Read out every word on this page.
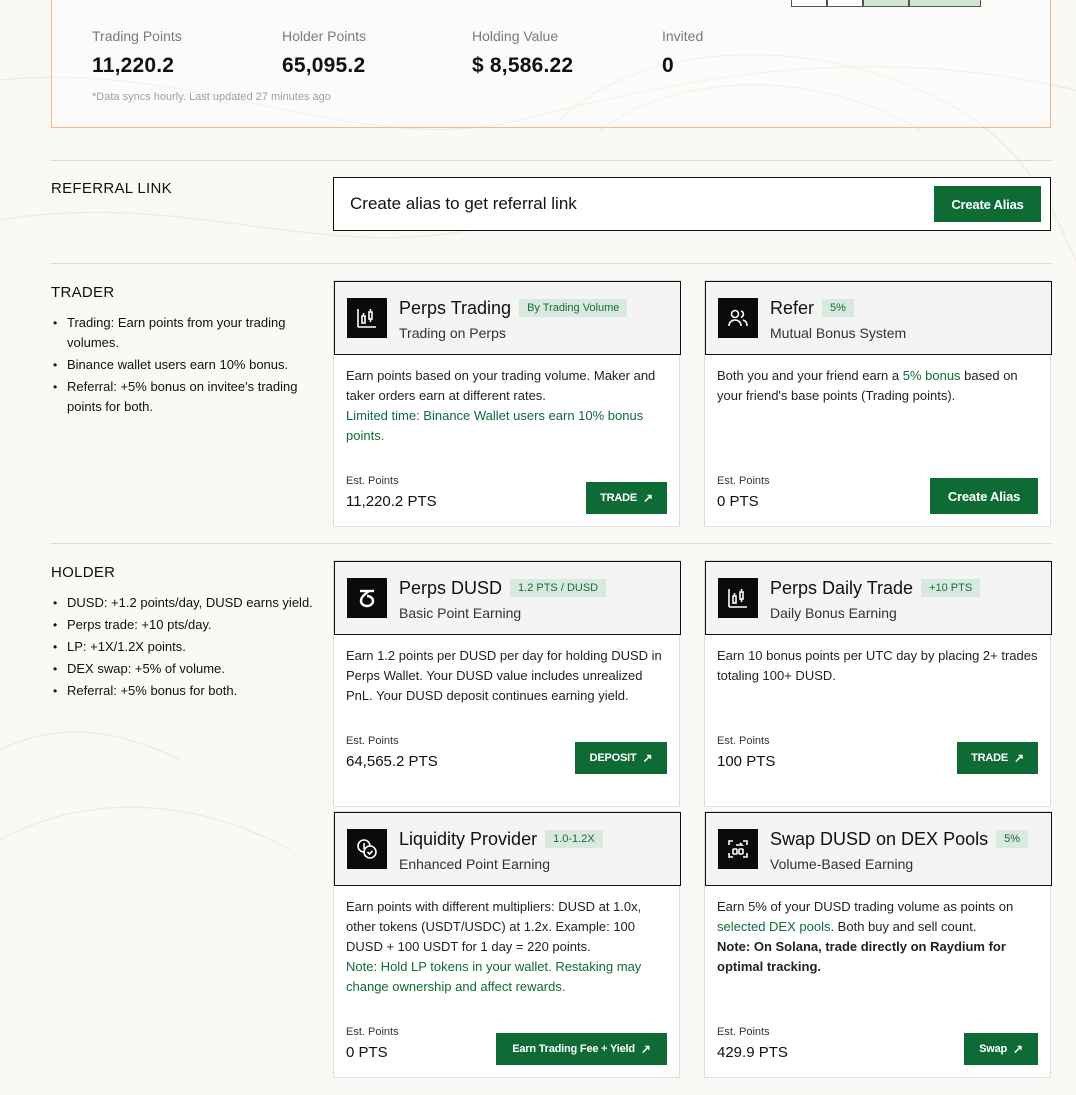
Trading Points
11,220.2
Holder Points
65,095.2
Holding Value
$ 8,586.22
Invited
0
*Data syncs hourly. Last updated 27 minutes ago
REFERRAL LINK
Create alias to get referral link	Create Alias
TRADER
• Trading: Earn points from your trading volumes.
• Binance wallet users earn 10% bonus.
• Referral: +5% bonus on invitee's trading points for both.
Perps Trading By Trading Volume
Trading on Perps
Earn points based on your trading volume. Maker and taker orders earn at different rates.
Limited time: Binance Wallet users earn 10% bonus points.
Est. Points
11,220.2 PTS	TRADE ↗
Refer 5%
Mutual Bonus System
Both you and your friend earn a 5% bonus based on your friend's base points (Trading points).
Est. Points
0 PTS	Create Alias
HOLDER
• DUSD: +1.2 points/day, DUSD earns yield.
• Perps trade: +10 pts/day.
• LP: +1X/1.2X points.
• DEX swap: +5% of volume.
• Referral: +5% bonus for both.
Perps DUSD 1.2 PTS / DUSD
Basic Point Earning
Earn 1.2 points per DUSD per day for holding DUSD in Perps Wallet. Your DUSD value includes unrealized PnL. Your DUSD deposit continues earning yield.
Est. Points
64,565.2 PTS	DEPOSIT ↗
Perps Daily Trade +10 PTS
Daily Bonus Earning
Earn 10 bonus points per UTC day by placing 2+ trades totaling 100+ DUSD.
Est. Points
100 PTS	TRADE ↗
Liquidity Provider 1.0-1.2X
Enhanced Point Earning
Earn points with different multipliers: DUSD at 1.0x, other tokens (USDT/USDC) at 1.2x. Example: 100 DUSD + 100 USDT for 1 day = 220 points.
Note: Hold LP tokens in your wallet. Restaking may change ownership and affect rewards.
Est. Points
0 PTS	Earn Trading Fee + Yield ↗
Swap DUSD on DEX Pools 5%
Volume-Based Earning
Earn 5% of your DUSD trading volume as points on selected DEX pools. Both buy and sell count.
Note: On Solana, trade directly on Raydium for optimal tracking.
Est. Points
429.9 PTS	Swap ↗
